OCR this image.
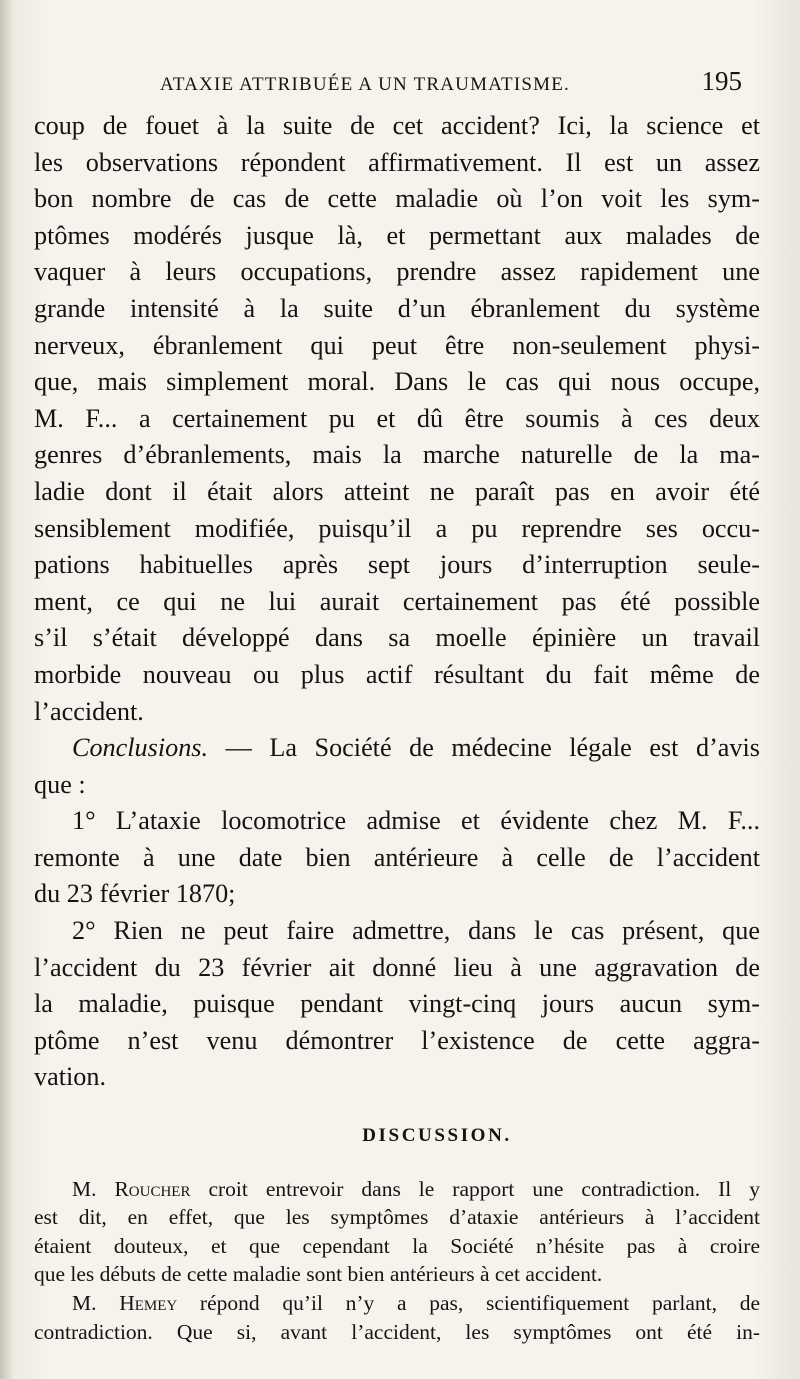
ATAXIE ATTRIBUÉE A UN TRAUMATISME.	195
coup de fouet à la suite de cet accident? Ici, la science et
les observations répondent affirmativement. Il est un assez
bon nombre de cas de cette maladie où l’on voit les sym-
ptômes modérés jusque là, et permettant aux malades de
vaquer à leurs occupations, prendre assez rapidement une
grande intensité à la suite d’un ébranlement du système
nerveux, ébranlement qui peut être non-seulement physi-
que, mais simplement moral. Dans le cas qui nous occupe,
M. F... a certainement pu et dû être soumis à ces deux
genres d’ébranlements, mais la marche naturelle de la ma-
ladie dont il était alors atteint ne paraît pas en avoir été
sensiblement modifiée, puisqu’il a pu reprendre ses occu-
pations habituelles après sept jours d’interruption seule-
ment, ce qui ne lui aurait certainement pas été possible
s’il s’était développé dans sa moelle épinière un travail
morbide nouveau ou plus actif résultant du fait même de
l’accident.
Conclusions. — La Société de médecine légale est d’avis
que :
1° L’ataxie locomotrice admise et évidente chez M. F...
remonte à une date bien antérieure à celle de l’accident
du 23 février 1870;
2° Rien ne peut faire admettre, dans le cas présent, que
l’accident du 23 février ait donné lieu à une aggravation de
la maladie, puisque pendant vingt-cinq jours aucun sym-
ptôme n’est venu démontrer l’existence de cette aggra-
vation.
DISCUSSION.
M. Roucher croit entrevoir dans le rapport une contradiction. Il y
est dit, en effet, que les symptômes d’ataxie antérieurs à l’accident
étaient douteux, et que cependant la Société n’hésite pas à croire
que les débuts de cette maladie sont bien antérieurs à cet accident.
M. Hemey répond qu’il n’y a pas, scientifiquement parlant, de
contradiction. Que si, avant l’accident, les symptômes ont été in-
